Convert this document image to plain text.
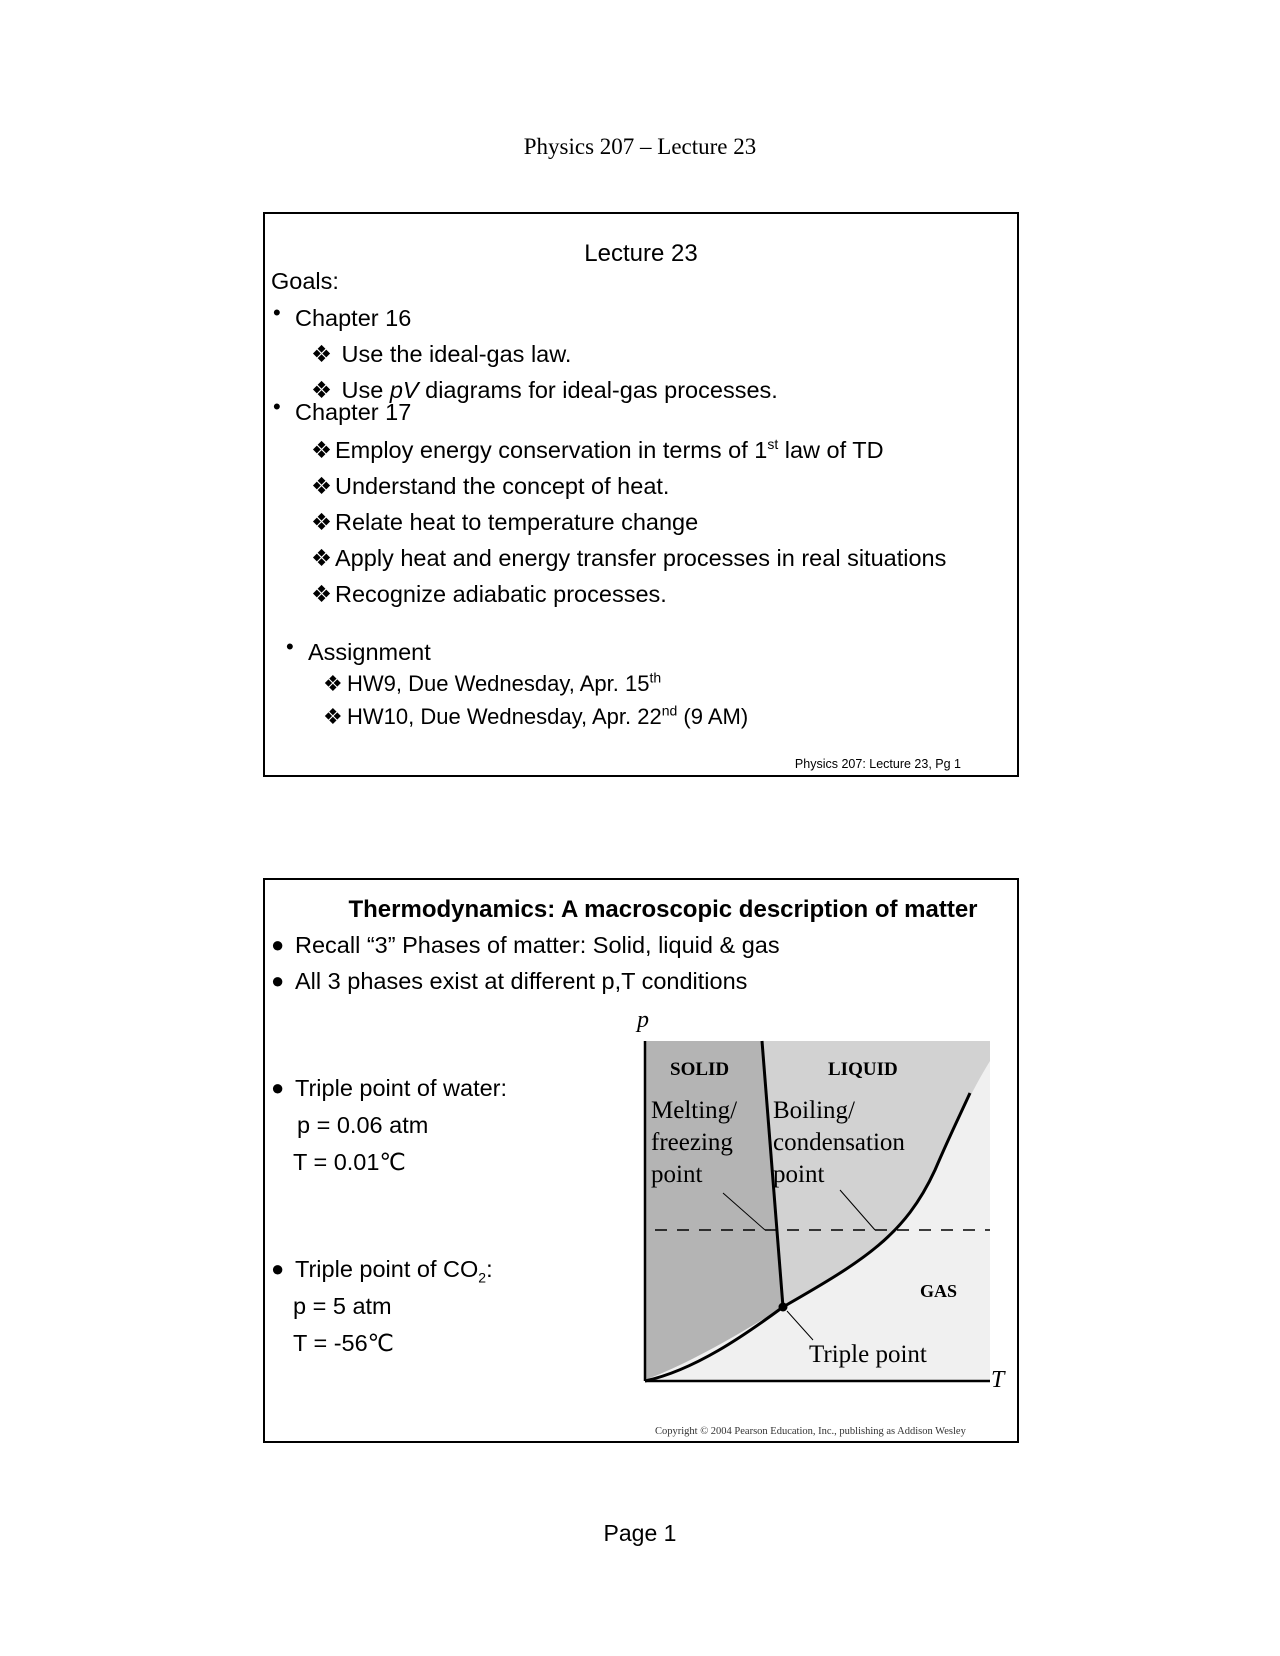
Physics 207 – Lecture 23
Lecture 23
Goals:
• Chapter 16
❖ Use the ideal-gas law.
❖ Use pV diagrams for ideal-gas processes.
• Chapter 17
❖ Employ energy conservation in terms of 1st law of TD
❖ Understand the concept of heat.
❖ Relate heat to temperature change
❖ Apply heat and energy transfer processes in real situations
❖ Recognize adiabatic processes.
• Assignment
❖ HW9, Due Wednesday, Apr. 15th
❖ HW10, Due Wednesday, Apr. 22nd (9 AM)
Physics 207: Lecture 23, Pg 1
Thermodynamics: A macroscopic description of matter
● Recall “3” Phases of matter: Solid, liquid & gas
● All 3 phases exist at different p,T conditions
● Triple point of water:
p = 0.06 atm
T = 0.01℃
● Triple point of $CO_2$:
p = 5 atm
T = -56℃
p
T
SOLID	LIQUID
GAS
Melting/
freezing
point
Boiling/
condensation
point
Triple point
Copyright © 2004 Pearson Education, Inc., publishing as Addison Wesley
Page 1
